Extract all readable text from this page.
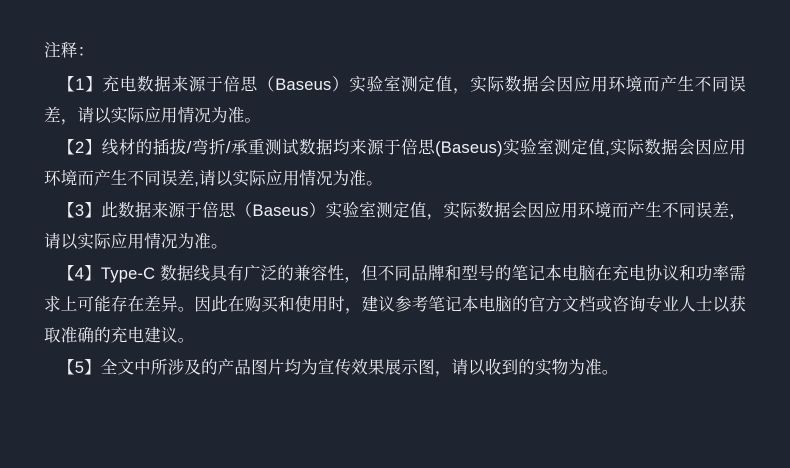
注释：
【1】充电数据来源于倍思（Baseus）实验室测定值，实际数据会因应用环境而产生不同误差，请以实际应用情况为准。
【2】线材的插拔/弯折/承重测试数据均来源于倍思(Baseus)实验室测定值,实际数据会因应用环境而产生不同误差,请以实际应用情况为准。
【3】此数据来源于倍思（Baseus）实验室测定值，实际数据会因应用环境而产生不同误差，请以实际应用情况为准。
【4】Type-C 数据线具有广泛的兼容性，但不同品牌和型号的笔记本电脑在充电协议和功率需求上可能存在差异。因此在购买和使用时，建议参考笔记本电脑的官方文档或咨询专业人士以获取准确的充电建议。
【5】全文中所涉及的产品图片均为宣传效果展示图，请以收到的实物为准。
